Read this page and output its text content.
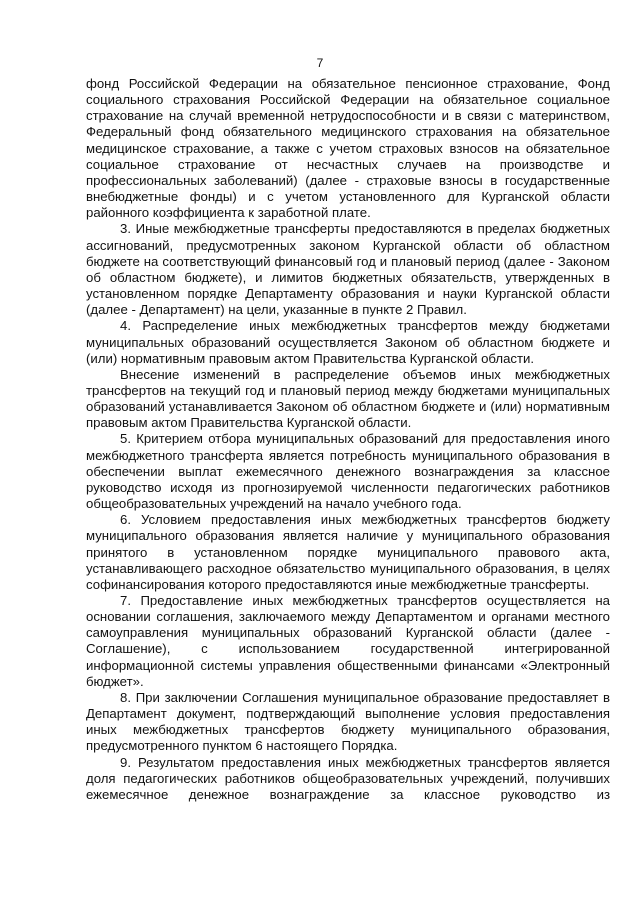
7

фонд Российской Федерации на обязательное пенсионное страхование, Фонд социального страхования Российской Федерации на обязательное социальное страхование на случай временной нетрудоспособности и в связи с материнством, Федеральный фонд обязательного медицинского страхования на обязательное медицинское страхование, а также с учетом страховых взносов на обязательное социальное страхование от несчастных случаев на производстве и профессиональных заболеваний) (далее - страховые взносы в государственные внебюджетные фонды) и с учетом установленного для Курганской области районного коэффициента к заработной плате.

3. Иные межбюджетные трансферты предоставляются в пределах бюджетных ассигнований, предусмотренных законом Курганской области об областном бюджете на соответствующий финансовый год и плановый период (далее - Законом об областном бюджете), и лимитов бюджетных обязательств, утвержденных в установленном порядке Департаменту образования и науки Курганской области (далее - Департамент) на цели, указанные в пункте 2 Правил.

4. Распределение иных межбюджетных трансфертов между бюджетами муниципальных образований осуществляется Законом об областном бюджете и (или) нормативным правовым актом Правительства Курганской области.

Внесение изменений в распределение объемов иных межбюджетных трансфертов на текущий год и плановый период между бюджетами муниципальных образований устанавливается Законом об областном бюджете и (или) нормативным правовым актом Правительства Курганской области.

5. Критерием отбора муниципальных образований для предоставления иного межбюджетного трансферта является потребность муниципального образования в обеспечении выплат ежемесячного денежного вознаграждения за классное руководство исходя из прогнозируемой численности педагогических работников общеобразовательных учреждений на начало учебного года.

6. Условием предоставления иных межбюджетных трансфертов бюджету муниципального образования является наличие у муниципального образования принятого в установленном порядке муниципального правового акта, устанавливающего расходное обязательство муниципального образования, в целях софинансирования которого предоставляются иные межбюджетные трансферты.

7. Предоставление иных межбюджетных трансфертов осуществляется на основании соглашения, заключаемого между Департаментом и органами местного самоуправления муниципальных образований Курганской области (далее - Соглашение), с использованием государственной интегрированной информационной системы управления общественными финансами «Электронный бюджет».

8. При заключении Соглашения муниципальное образование предоставляет в Департамент документ, подтверждающий выполнение условия предоставления иных межбюджетных трансфертов бюджету муниципального образования, предусмотренного пунктом 6 настоящего Порядка.

9. Результатом предоставления иных межбюджетных трансфертов является доля педагогических работников общеобразовательных учреждений, получивших ежемесячное денежное вознаграждение за классное руководство из
